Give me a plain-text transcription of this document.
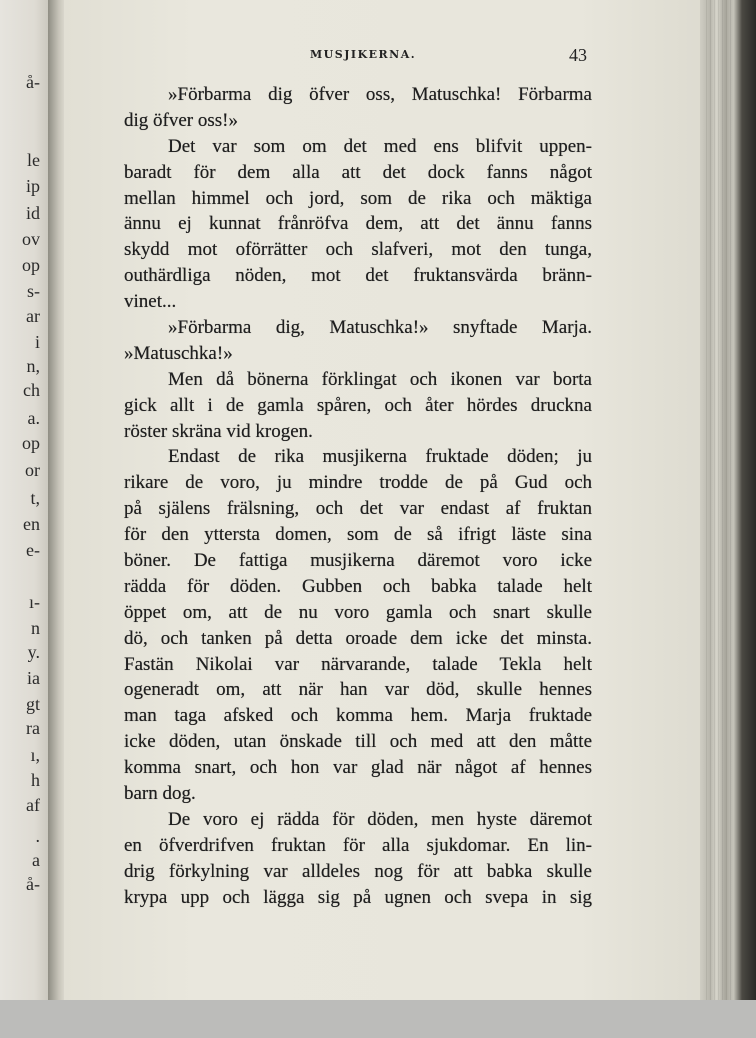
å-
le
ip
id
ov
op
s-
ar
i
n,
ch
a.
op
or
t,
en
e-
ı-
n
y.
ia
gt
ra
ı,
h
af
.
a
å-
MUSJIKERNA.	43
»Förbarma dig öfver oss, Matuschka! Förbarma
dig öfver oss!»
Det var som om det med ens blifvit uppen-
baradt för dem alla att det dock fanns något
mellan himmel och jord, som de rika och mäktiga
ännu ej kunnat frånröfva dem, att det ännu fanns
skydd mot oförrätter och slafveri, mot den tunga,
outhärdliga nöden, mot det fruktansvärda bränn-
vinet...
»Förbarma dig, Matuschka!» snyftade Marja.
»Matuschka!»
Men då bönerna förklingat och ikonen var borta
gick allt i de gamla spåren, och åter hördes druckna
röster skräna vid krogen.
Endast de rika musjikerna fruktade döden; ju
rikare de voro, ju mindre trodde de på Gud och
på själens frälsning, och det var endast af fruktan
för den yttersta domen, som de så ifrigt läste sina
böner. De fattiga musjikerna däremot voro icke
rädda för döden. Gubben och babka talade helt
öppet om, att de nu voro gamla och snart skulle
dö, och tanken på detta oroade dem icke det minsta.
Fastän Nikolai var närvarande, talade Tekla helt
ogeneradt om, att när han var död, skulle hennes
man taga afsked och komma hem. Marja fruktade
icke döden, utan önskade till och med att den måtte
komma snart, och hon var glad när något af hennes
barn dog.
De voro ej rädda för döden, men hyste däremot
en öfverdrifven fruktan för alla sjukdomar. En lin-
drig förkylning var alldeles nog för att babka skulle
krypa upp och lägga sig på ugnen och svepa in sig
